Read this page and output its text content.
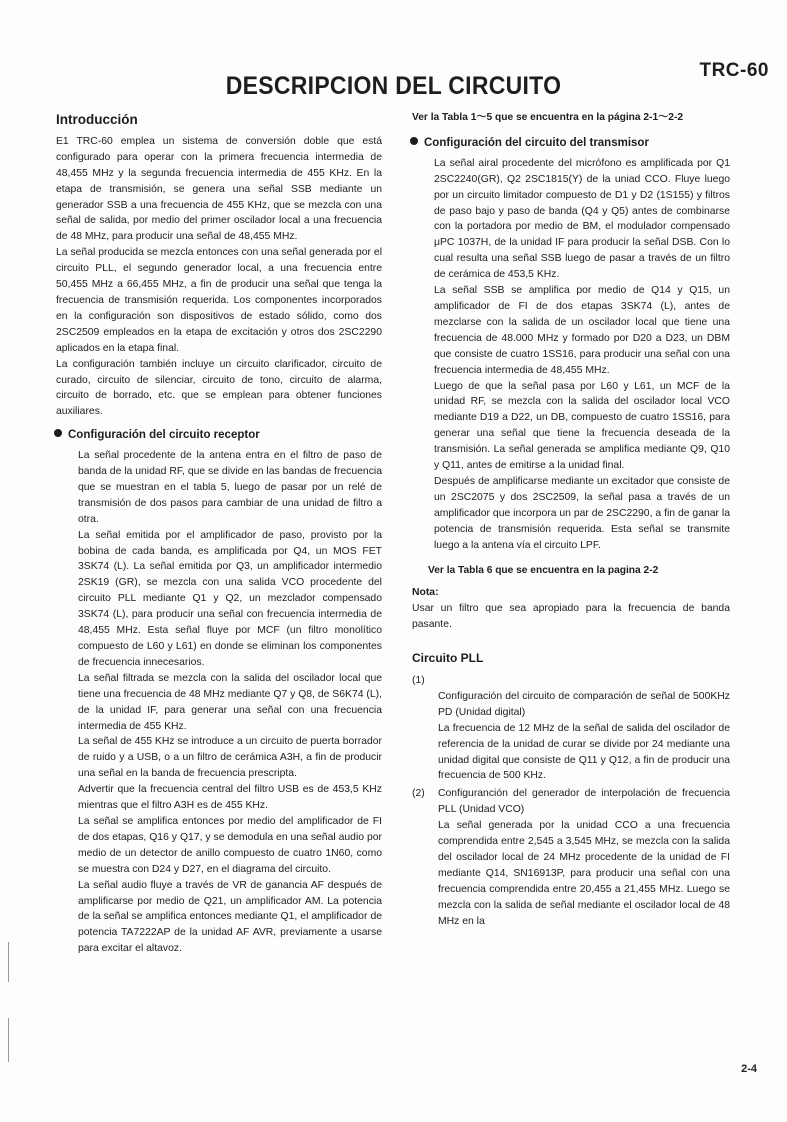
TRC-60
DESCRIPCION DEL CIRCUITO
Introducción

E1 TRC-60 emplea un sistema de conversión doble que está configurado para operar con la primera frecuencia intermedia de 48,455 MHz y la segunda frecuencia intermedia de 455 KHz. En la etapa de transmisión, se genera una señal SSB mediante un generador SSB a una frecuencia de 455 KHz, que se mezcla con una señal de salida, por medio del primer oscilador local a una frecuencia de 48 MHz, para producir una señal de 48,455 MHz.

La señal producida se mezcla entonces con una señal generada por el circuito PLL, el segundo generador local, a una frecuencia entre 50,455 MHz a 66,455 MHz, a fin de producir una señal que tenga la frecuencia de transmisión requerida. Los componentes incorporados en la configuración son dispositivos de estado sólido, como dos 2SC2509 empleados en la etapa de excitación y otros dos 2SC2290 aplicados en la etapa final.

La configuración también incluye un circuito clarificador, circuito de curado, circuito de silenciar, circuito de tono, circuito de alarma, circuito de borrado, etc. que se emplean para obtener funciones auxiliares.

Configuración del circuito receptor

La señal procedente de la antena entra en el filtro de paso de banda de la unidad RF, que se divide en las bandas de frecuencia que se muestran en el tabla 5, luego de pasar por un relé de transmisión de dos pasos para cambiar de una unidad de filtro a otra.

La señal emitida por el amplificador de paso, provisto por la bobina de cada banda, es amplificada por Q4, un MOS FET 3SK74 (L). La señal emitida por Q3, un amplificador intermedio 2SK19 (GR), se mezcla con una salida VCO procedente del circuito PLL mediante Q1 y Q2, un mezclador compensado 3SK74 (L), para producir una señal con frecuencia intermedia de 48,455 MHz. Esta señal fluye por MCF (un filtro monolítico compuesto de L60 y L61) en donde se eliminan los componentes de frecuencia innecesarios.

La señal filtrada se mezcla con la salida del oscilador local que tiene una frecuencia de 48 MHz mediante Q7 y Q8, de S6K74 (L), de la unidad IF, para generar una señal con una frecuencia intermedia de 455 KHz.

La señal de 455 KHz se introduce a un circuito de puerta borrador de ruido y a USB, o a un filtro de cerámica A3H, a fin de producir una señal en la banda de frecuencia prescripta.

Advertir que la frecuencia central del filtro USB es de 453,5 KHz mientras que el filtro A3H es de 455 KHz.

La señal se amplifica entonces por medio del amplificador de FI de dos etapas, Q16 y Q17, y se demodula en una señal audio por medio de un detector de anillo compuesto de cuatro 1N60, como se muestra con D24 y D27, en el diagrama del circuito.

La señal audio fluye a través de VR de ganancia AF después de amplificarse por medio de Q21, un amplificador AM. La potencia de la señal se amplifica entonces mediante Q1, el amplificador de potencia TA7222AP de la unidad AF AVR, previamente a usarse para excitar el altavoz.

Ver la Tabla 1～5 que se encuentra en la página 2-1～2-2
Configuración del circuito del transmisor

La señal airal procedente del micrófono es amplificada por Q1 2SC2240(GR), Q2 2SC1815(Y) de la uniad CCO. Fluye luego por un circuito limitador compuesto de D1 y D2 (1S155) y filtros de paso bajo y paso de banda (Q4 y Q5) antes de combinarse con la portadora por medio de BM, el modulador compensado μPC 1037H, de la unidad IF para producir la señal DSB. Con lo cual resulta una señal SSB luego de pasar a través de un filtro de cerámica de 453,5 KHz.

La señal SSB se amplifica por medio de Q14 y Q15, un amplificador de FI de dos etapas 3SK74 (L), antes de mezclarse con la salida de un oscilador local que tiene una frecuencia de 48.000 MHz y formado por D20 a D23, un DBM que consiste de cuatro 1SS16, para producir una señal con una frecuencia intermedia de 48,455 MHz.

Luego de que la señal pasa por L60 y L61, un MCF de la unidad RF, se mezcla con la salida del oscilador local VCO mediante D19 a D22, un DB, compuesto de cuatro 1SS16, para generar una señal que tiene la frecuencia deseada de la transmisión. La señal generada se amplifica mediante Q9, Q10 y Q11, antes de emitirse a la unidad final.

Después de amplificarse mediante un excitador que consiste de un 2SC2075 y dos 2SC2509, la señal pasa a través de un amplificador que incorpora un par de 2SC2290, a fin de ganar la potencia de transmisión requerida. Esta señal se transmite luego a la antena vía el circuito LPF.

Ver la Tabla 6 que se encuentra en la pagina 2-2
Nota:
Usar un filtro que sea apropiado para la frecuencia de banda pasante.
Circuito PLL
(1)
Configuración del circuito de comparación de señal de 500KHz PD (Unidad digital)
La frecuencia de 12 MHz de la señal de salida del oscilador de referencia de la unidad de curar se divide por 24 mediante una unidad digital que consiste de Q11 y Q12, a fin de producir una frecuencia de 500 KHz.
(2)	Configuranción del generador de interpolación de frecuencia PLL (Unidad VCO)
La señal generada por la unidad CCO a una frecuencia comprendida entre 2,545 a 3,545 MHz, se mezcla con la salida del oscilador local de 24 MHz procedente de la unidad de FI mediante Q14, SN16913P, para producir una señal con una frecuencia comprendida entre 20,455 a 21,455 MHz. Luego se mezcla con la salida de señal mediante el oscilador local de 48 MHz en la
2-4
